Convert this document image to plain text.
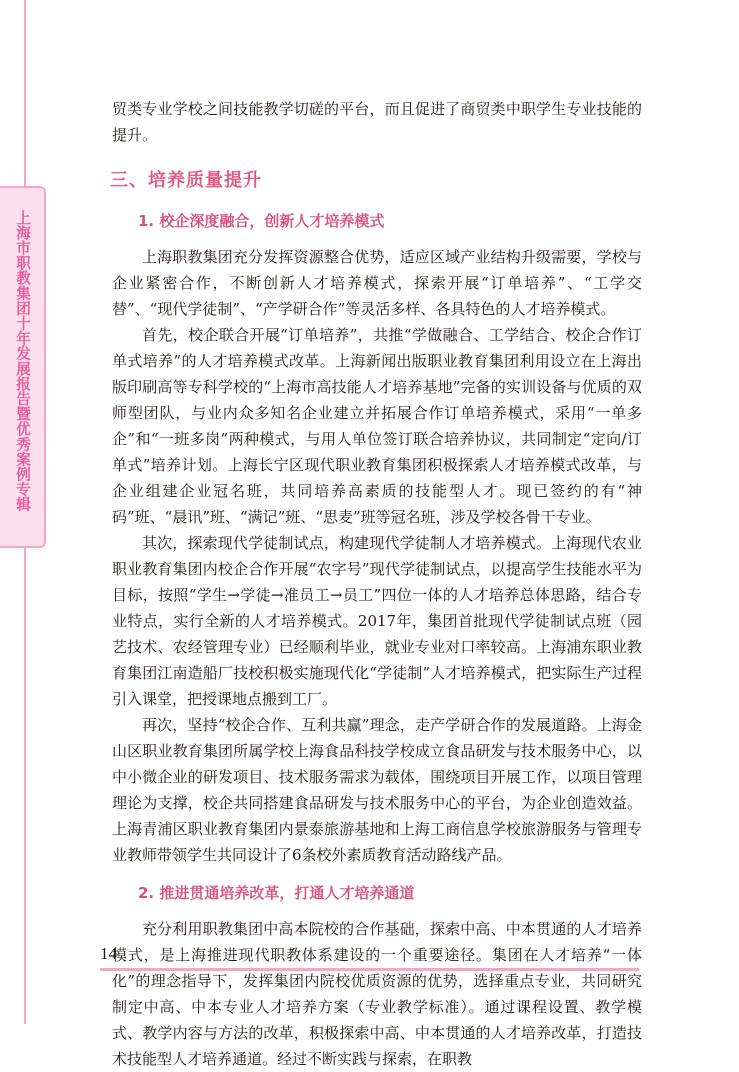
上海市职教集团十年发展报告暨优秀案例专辑

贸类专业学校之间技能教学切磋的平台，而且促进了商贸类中职学生专业技能的提升。

三、培养质量提升
1. 校企深度融合，创新人才培养模式

上海职教集团充分发挥资源整合优势，适应区域产业结构升级需要，学校与企业紧密合作，不断创新人才培养模式，探索开展“订单培养”、“工学交替”、“现代学徒制”、“产学研合作”等灵活多样、各具特色的人才培养模式。

首先，校企联合开展“订单培养”，共推“学做融合、工学结合、校企合作订单式培养”的人才培养模式改革。上海新闻出版职业教育集团利用设立在上海出版印刷高等专科学校的“上海市高技能人才培养基地”完备的实训设备与优质的双师型团队，与业内众多知名企业建立并拓展合作订单培养模式，采用“一单多企”和“一班多岗”两种模式，与用人单位签订联合培养协议，共同制定“定向/订单式”培养计划。上海长宁区现代职业教育集团积极探索人才培养模式改革，与企业组建企业冠名班，共同培养高素质的技能型人才。现已签约的有“神码”班、“晨讯”班、“满记”班、“思麦”班等冠名班，涉及学校各骨干专业。

其次，探索现代学徒制试点，构建现代学徒制人才培养模式。上海现代农业职业教育集团内校企合作开展“农字号”现代学徒制试点，以提高学生技能水平为目标，按照“学生→学徒→准员工→员工”四位一体的人才培养总体思路，结合专业特点，实行全新的人才培养模式。2017年，集团首批现代学徒制试点班（园艺技术、农经管理专业）已经顺利毕业，就业专业对口率较高。上海浦东职业教育集团江南造船厂技校积极实施现代化“学徒制”人才培养模式，把实际生产过程引入课堂，把授课地点搬到工厂。

再次，坚持“校企合作、互利共赢”理念，走产学研合作的发展道路。上海金山区职业教育集团所属学校上海食品科技学校成立食品研发与技术服务中心，以中小微企业的研发项目、技术服务需求为载体，围绕项目开展工作，以项目管理理论为支撑，校企共同搭建食品研发与技术服务中心的平台，为企业创造效益。上海青浦区职业教育集团内景泰旅游基地和上海工商信息学校旅游服务与管理专业教师带领学生共同设计了6条校外素质教育活动路线产品。

2. 推进贯通培养改革，打通人才培养通道

充分利用职教集团中高本院校的合作基础，探索中高、中本贯通的人才培养模式，是上海推进现代职教体系建设的一个重要途径。集团在人才培养“一体化”的理念指导下，发挥集团内院校优质资源的优势，选择重点专业，共同研究制定中高、中本专业人才培养方案（专业教学标准）。通过课程设置、教学模式、教学内容与方法的改革，积极探索中高、中本贯通的人才培养改革，打造技术技能型人才培养通道。经过不断实践与探索，在职教

14
